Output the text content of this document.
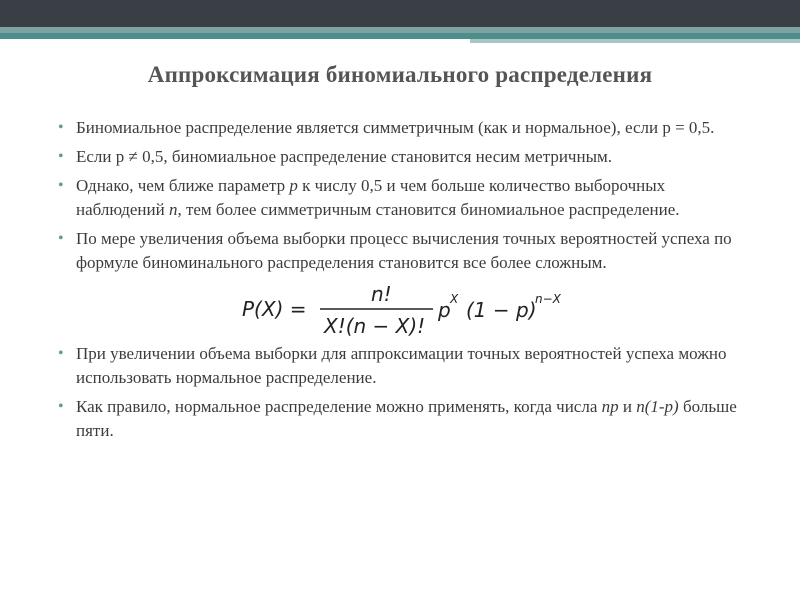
Аппроксимация биномиального распределения
• Биномиальное распределение является симметричным (как и нормальное), если р = 0,5.
• Если p ≠ 0,5, биномиальное распределение становится несим метричным.
• Однако, чем ближе параметр р к числу 0,5 и чем больше количество выборочных наблюдений n, тем более симметричным становится биномиальное распределение.
• По мере увеличения объема выборки процесс вычисления точных вероятностей успеха по формуле биноминального распределения становится все более сложным.
P(X) =
n!
X!(n − X)!
p X (1 − p)
n−X
• При увеличении объема выборки для аппроксимации точных вероятностей успеха можно использовать нормальное распределение.
• Как правило, нормальное распределение можно применять, когда числа np и n(1-p) больше пяти.
